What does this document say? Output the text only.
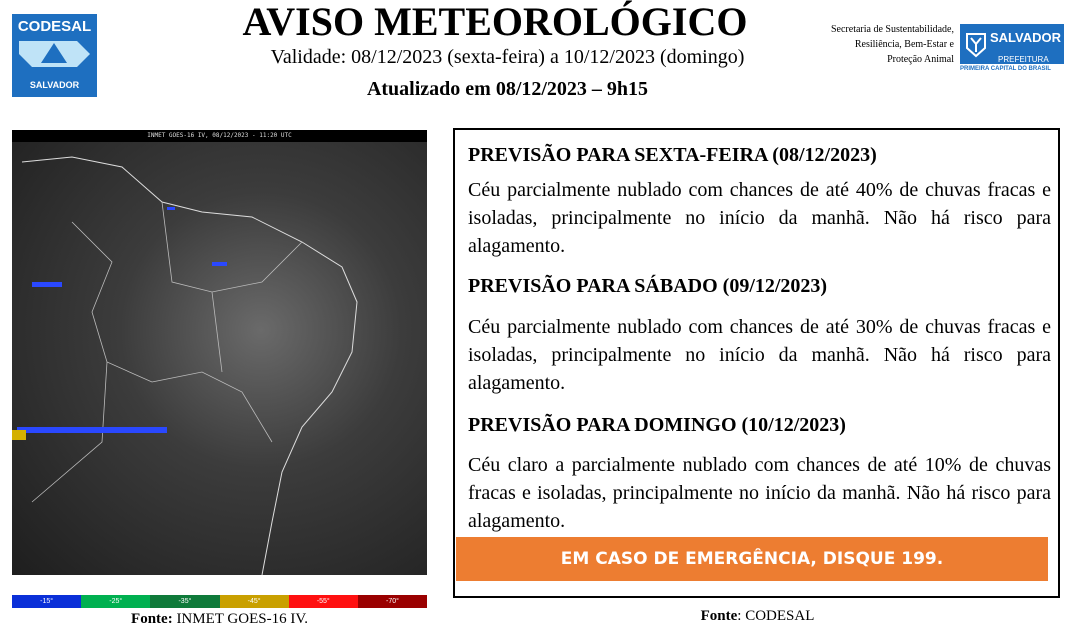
CODESAL
SALVADOR
PREFEITURA
AVISO METEOROLÓGICO
Validade: 08/12/2023 (sexta-feira) a 10/12/2023 (domingo)
Atualizado em 08/12/2023 – 9h15
Secretaria de Sustentabilidade,
Resiliência, Bem-Estar e
Proteção Animal
SALVADOR
PREFEITURA
PRIMEIRA CAPITAL DO BRASIL
INMET GOES-16 IV, 08/12/2023 - 11:20 UTC
-15°	-25°	-35°	-45°	-55°	-70°
Fonte: INMET GOES-16 IV.
PREVISÃO PARA SEXTA-FEIRA (08/12/2023)
Céu parcialmente nublado com chances de até 40% de chuvas fracas e isoladas, principalmente no início da manhã. Não há risco para alagamento.
PREVISÃO PARA SÁBADO (09/12/2023)
Céu parcialmente nublado com chances de até 30% de chuvas fracas e isoladas, principalmente no início da manhã. Não há risco para alagamento.
PREVISÃO PARA DOMINGO (10/12/2023)
Céu claro a parcialmente nublado com chances de até 10% de chuvas fracas e isoladas, principalmente no início da manhã. Não há risco para alagamento.
EM CASO DE EMERGÊNCIA, DISQUE 199.
Fonte: CODESAL
